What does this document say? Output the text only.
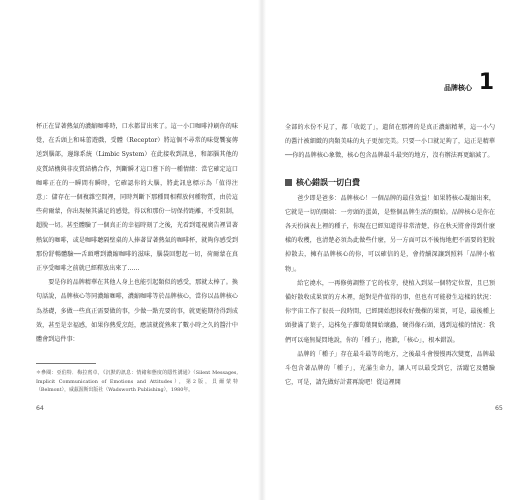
杯正在冒著熱氣的濃縮咖啡時，口水都冒出來了。這一小口咖啡沖刷你的味覺，在舌頭上和味蕾遊戲，受體（Receptor）將這個不尋常的味覺饗宴傳送到腦部，邊緣系統（Limbic System）在此接收到訊息，和部腦其他的皮質結構與非皮質結構合作，判斷瞬才這口嘗下的一種情緒：當它確定這口咖啡正在的一瞬間有瞬時，它確認你的大腦，將此訊息標示為「值得注意」：儲存在一個複雜空間裡，同時判斷下那種間相釋放何種物質，由於這些荷爾蒙，你出現極其滿足的感覺，得以和那份一切保持距離，不受阻制，超脫一切。甚至體驗了一個真正的幸福時刻了之後，光看到電視廣告裡冒著熱氣的咖啡，或是咖啡聽隔壁桌的人捧著冒著熱氣的咖啡杯，就夠你感受到那份舒暢體驗──舌頭嚐到濃縮咖啡的滋味，腦袋回想起一切，荷爾蒙在真正享受咖啡之前就已經釋放出來了……

要是你的品牌精華在其他人身上也能引起類似的感受，那就太棒了。換句話說，品牌核心等同濃縮咖啡，濃縮咖啡等於品牌核心，當你以品牌核心為基礎，多做一些真正需要做的事，少做一點充要的事，就更能期待得到成效，甚至是幸福感，如果你熱愛烹飪，應該就從熟來了數小時之久的醬汁中體會到這件事：

＊參閱：亞伯特．梅拉賓卓，《沉默的訊息：情緒和態度的隱性溝通》（Silent Messages, Implicit Communication of Emotions and Attitudes），第2版，貝爾蒙特（Belmont），威茲渥斯出版社（Wadsworth Publishing），1980年。
64
品牌核心 1

全部的水份不見了，都「收乾了」，遺留在那裡的是真正濃縮精華，這一小勺的醬汁被細緻的肉類美味的丸子更加完美。只要一小口就足夠了，這正是精華──你的品牌核心象徵，核心包含品牌最斗最突的地方，沒有辦法再更縮減了。

核心錯誤一切白費

爸少即是爸多：品牌核心！一個品牌的最佳效益！如果將核心凝縮出來，它就是一切的開端：一旁頭的蛋黃，是整個品牌生活的開始。品牌核心是你在各天扮演表上裡的種子，你現在已經知道得非常清楚，你在秋天將會得到什麼樣的收穫，也清楚必須為此做些什麼，另一方面可以不後悔地把不需要的犯脫掉散去，擁有品牌核心的你，可以確信的是，會持續深讓到照料「品牌小植物」。

給它澆水，一再修剪調整了它的枝芽，使植入到某一個特定位置，且已預備好散收成果實的方木裡，絕對是件值得的事，但也有可能發生這樣的狀況：你宇宙工作了很長一段時間，已經開始想採收好幾棵的果實，可是，最後種上頭發滿了葉子，這株兔子蘿蔔葉開始壞蟲，硬得像石頭，遇到這樣的情況：我們可以毫無疑問地說，你的「種子」，抱歉，「核心」，根本錯誤。

品牌的「種子」存在最斗最等的地方，之後最斗會慢慢再次變寬，品牌最斗包含著品牌的「種子」，光滿生命力，讓人可以最受到它，活躍它及體驗它，可是，請先做好計畫再說吧！從這裡開

65
